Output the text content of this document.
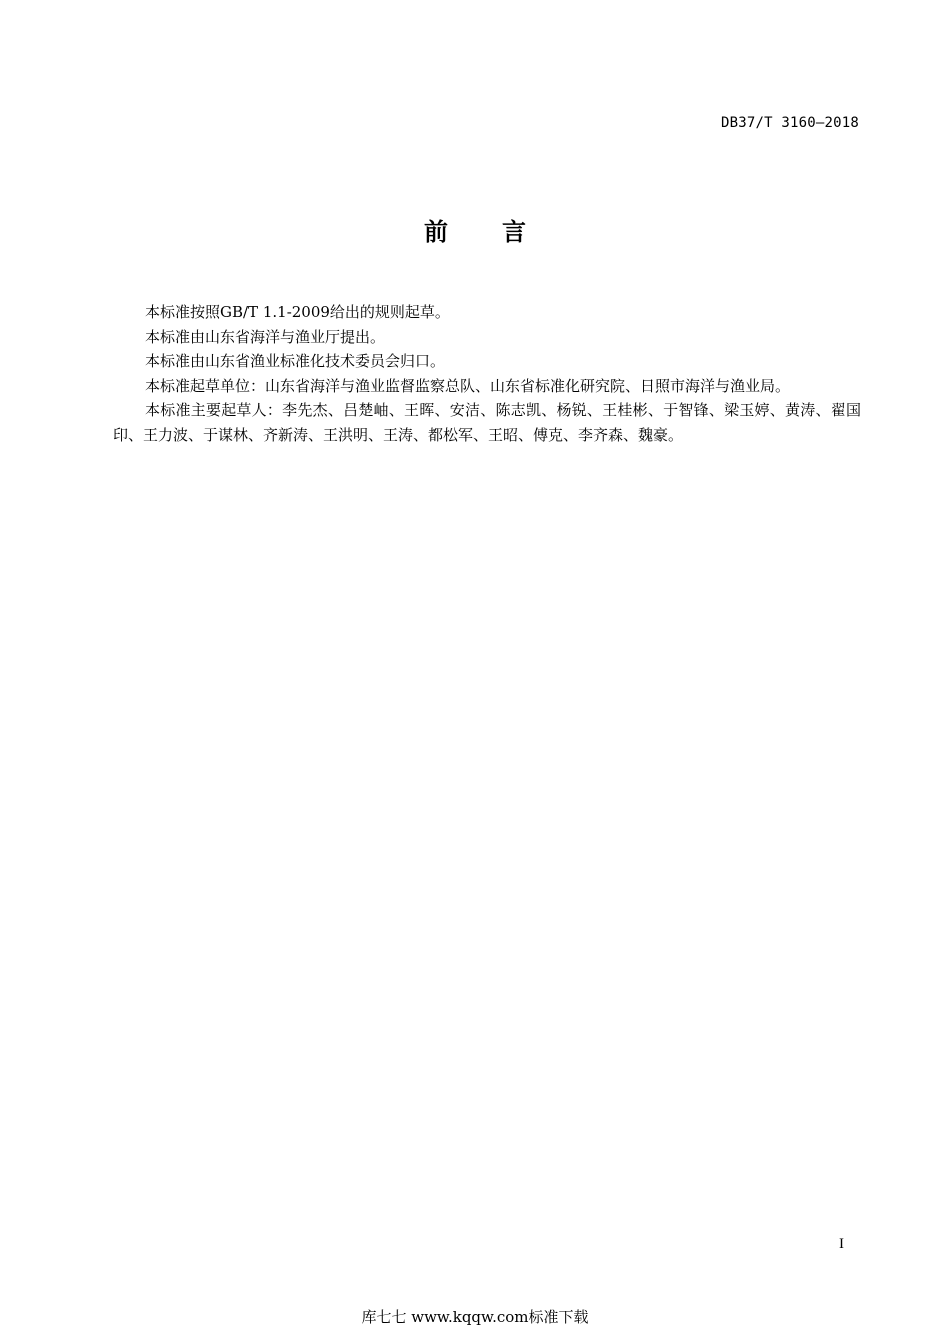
DB37/T 3160—2018
前 言

本标准按照GB/T 1.1-2009给出的规则起草。

本标准由山东省海洋与渔业厅提出。

本标准由山东省渔业标准化技术委员会归口。

本标准起草单位：山东省海洋与渔业监督监察总队、山东省标准化研究院、日照市海洋与渔业局。

本标准主要起草人：李先杰、吕楚岫、王晖、安洁、陈志凯、杨锐、王桂彬、于智锋、梁玉婷、黄涛、翟国印、王力波、于谋林、齐新涛、王洪明、王涛、都松军、王昭、傅克、李齐森、魏豪。

I
库七七 www.kqqw.com标准下载
